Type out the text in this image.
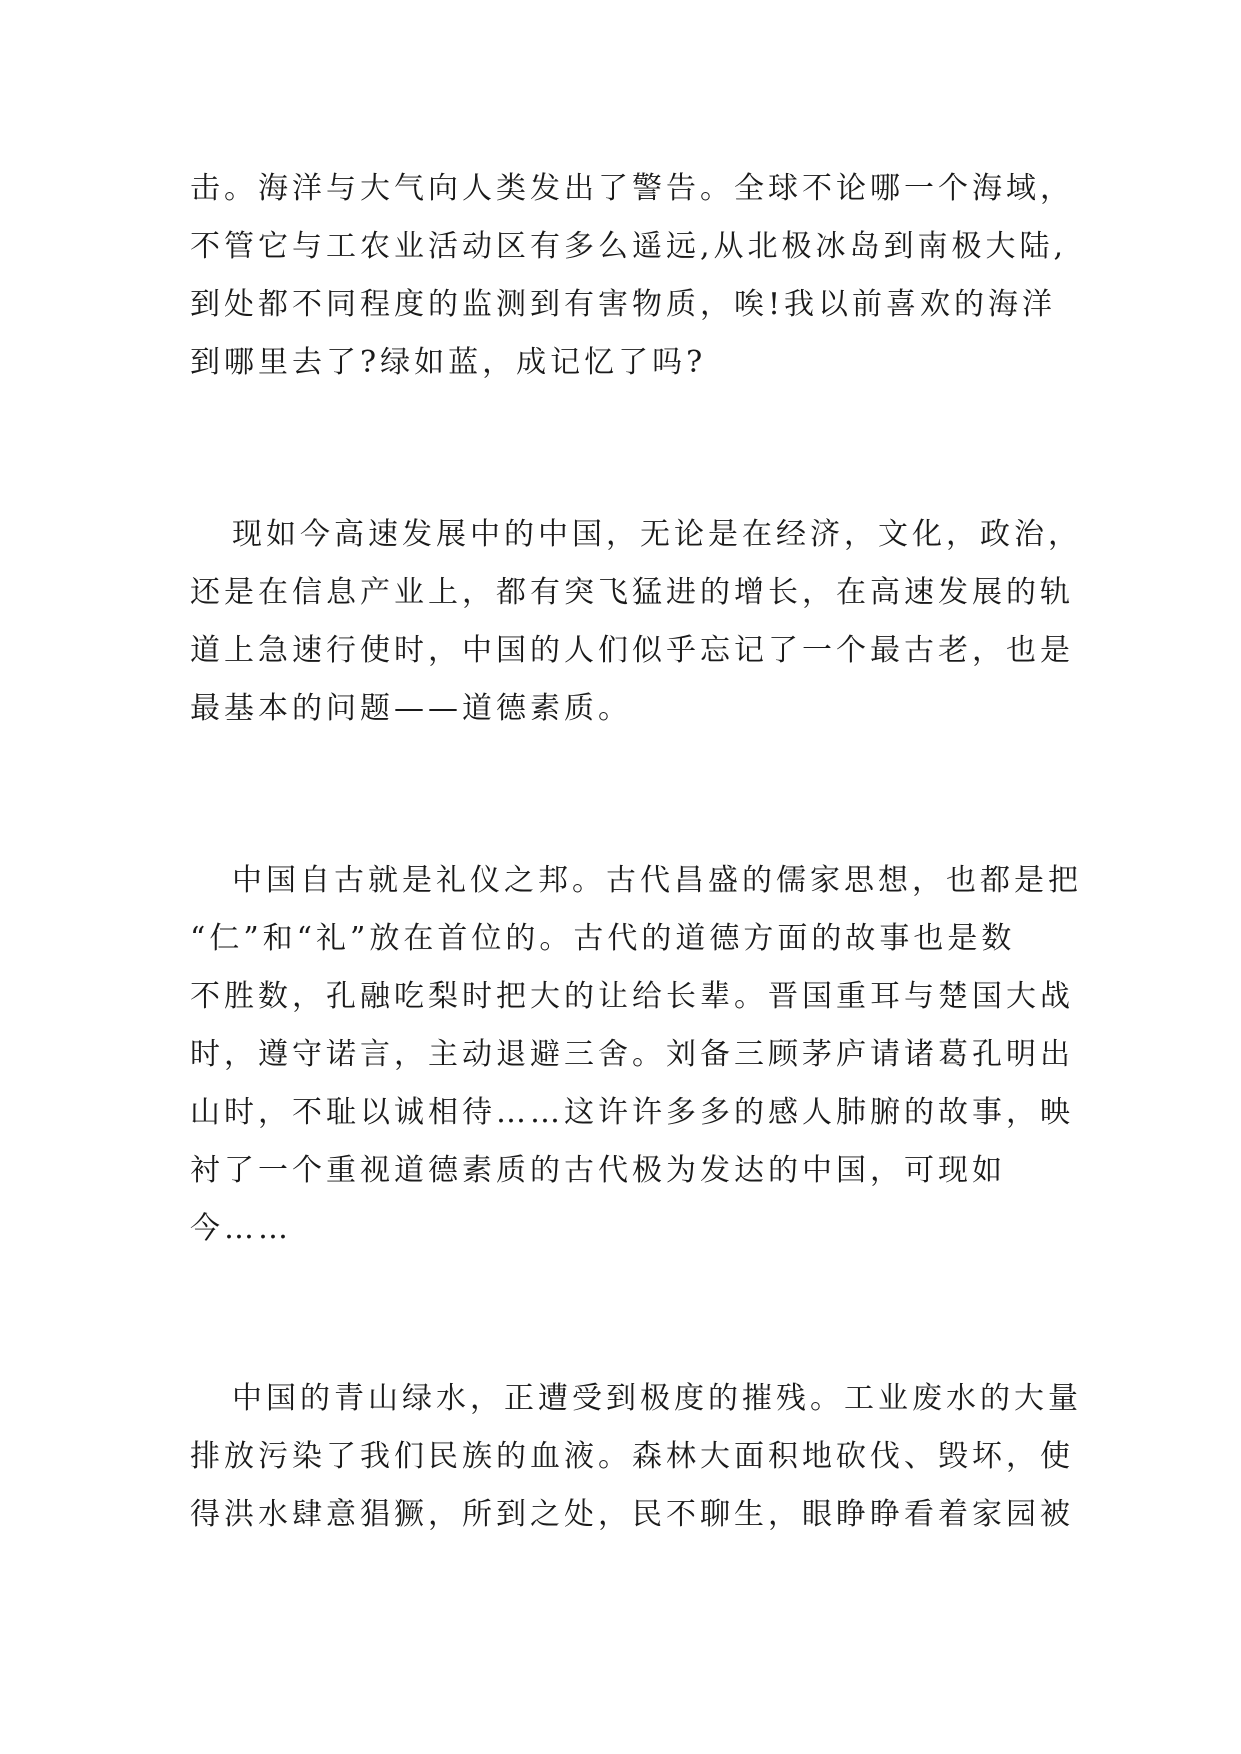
击。海洋与大气向人类发出了警告。全球不论哪一个海域，
不管它与工农业活动区有多么遥远,从北极冰岛到南极大陆,
到处都不同程度的监测到有害物质，唉!我以前喜欢的海洋
到哪里去了?绿如蓝，成记忆了吗?
现如今高速发展中的中国，无论是在经济，文化，政治，
还是在信息产业上，都有突飞猛进的增长，在高速发展的轨
道上急速行使时，中国的人们似乎忘记了一个最古老，也是
最基本的问题——道德素质。
中国自古就是礼仪之邦。古代昌盛的儒家思想，也都是把
“仁”和“礼”放在首位的。古代的道德方面的故事也是数
不胜数，孔融吃梨时把大的让给长辈。晋国重耳与楚国大战
时，遵守诺言，主动退避三舍。刘备三顾茅庐请诸葛孔明出
山时，不耻以诚相待……这许许多多的感人肺腑的故事，映
衬了一个重视道德素质的古代极为发达的中国，可现如
今……
中国的青山绿水，正遭受到极度的摧残。工业废水的大量
排放污染了我们民族的血液。森林大面积地砍伐、毁坏，使
得洪水肆意猖獗，所到之处，民不聊生，眼睁睁看着家园被
